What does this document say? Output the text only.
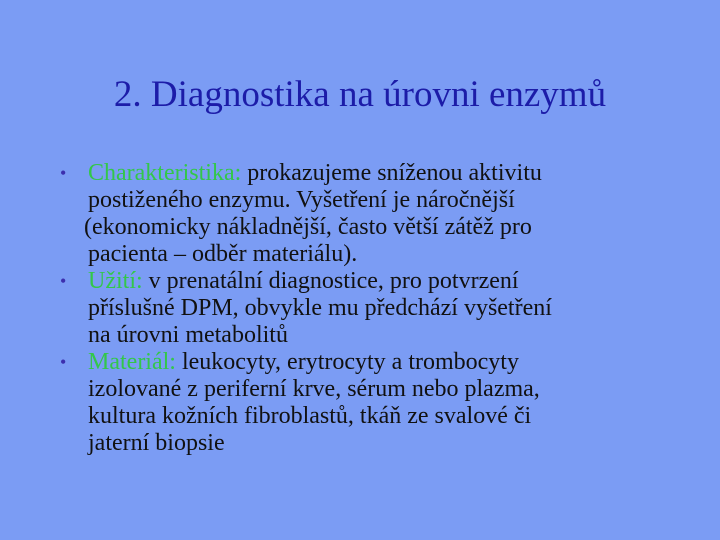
2. Diagnostika na úrovni enzymů
• Charakteristika: prokazujeme sníženou aktivitu
postiženého enzymu. Vyšetření je náročnější
(ekonomicky nákladnější, často větší zátěž pro
pacienta – odběr materiálu).
• Užití: v prenatální diagnostice, pro potvrzení
příslušné DPM, obvykle mu předchází vyšetření
na úrovni metabolitů
• Materiál: leukocyty, erytrocyty a trombocyty
izolované z periferní krve, sérum nebo plazma,
kultura kožních fibroblastů, tkáň ze svalové či
jaterní biopsie
